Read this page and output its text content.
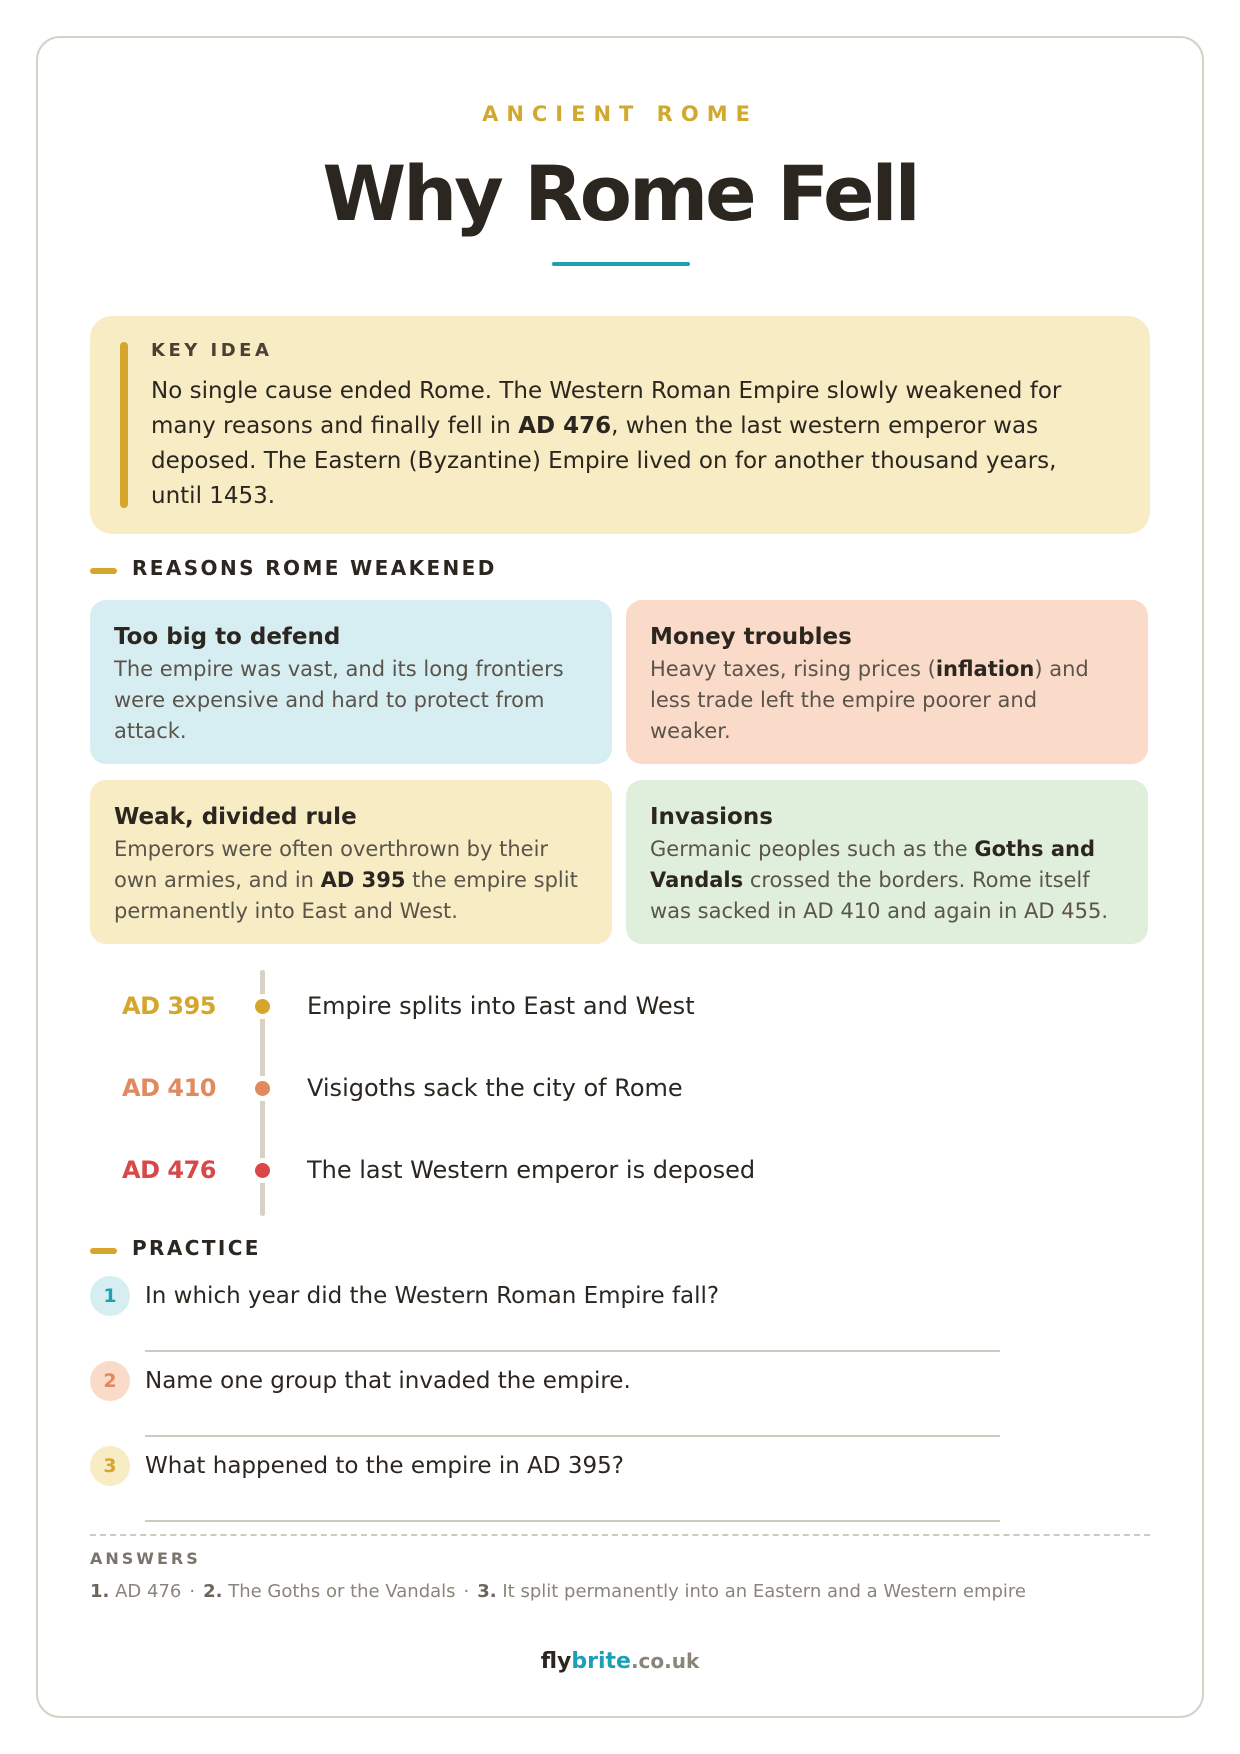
ANCIENT ROME
Why Rome Fell
KEY IDEA
No single cause ended Rome. The Western Roman Empire slowly weakened for many reasons and finally fell in AD 476, when the last western emperor was deposed. The Eastern (Byzantine) Empire lived on for another thousand years, until 1453.
REASONS ROME WEAKENED
Too big to defend
The empire was vast, and its long frontiers were expensive and hard to protect from attack.
Money troubles
Heavy taxes, rising prices (inflation) and less trade left the empire poorer and weaker.
Weak, divided rule
Emperors were often overthrown by their own armies, and in AD 395 the empire split permanently into East and West.
Invasions
Germanic peoples such as the Goths and Vandals crossed the borders. Rome itself was sacked in AD 410 and again in AD 455.
AD 395	Empire splits into East and West
AD 410	Visigoths sack the city of Rome
AD 476	The last Western emperor is deposed
PRACTICE
1	In which year did the Western Roman Empire fall?
2	Name one group that invaded the empire.
3	What happened to the empire in AD 395?
ANSWERS
1. AD 476 · 2. The Goths or the Vandals · 3. It split permanently into an Eastern and a Western empire
flybrite.co.uk
